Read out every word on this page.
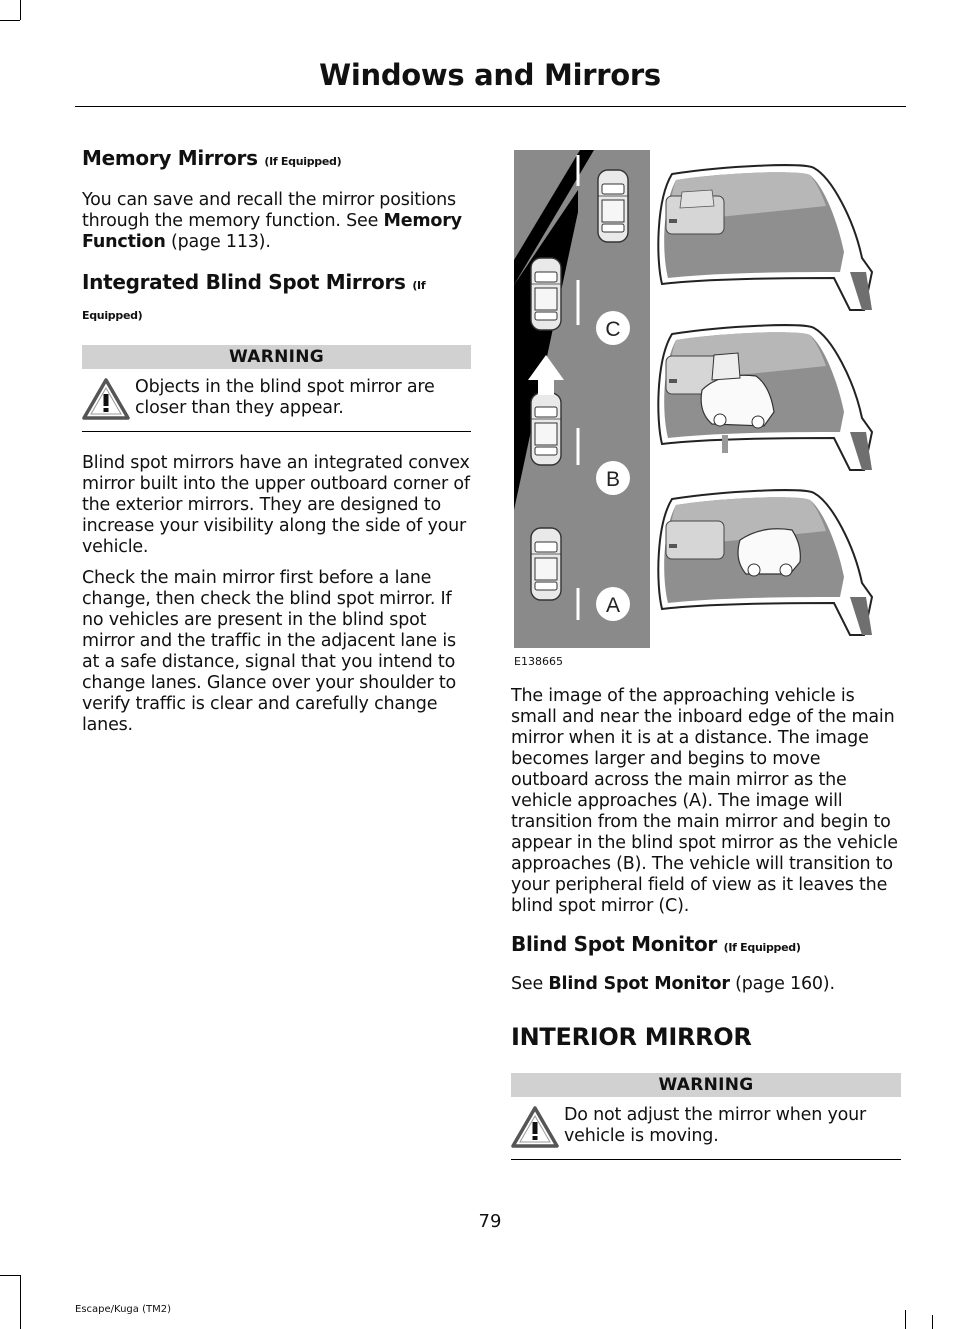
Windows and Mirrors
Memory Mirrors (If Equipped)
You can save and recall the mirror positions through the memory function. See Memory Function (page 113).
Integrated Blind Spot Mirrors (If
Equipped)
WARNING
Objects in the blind spot mirror are closer than they appear.
Blind spot mirrors have an integrated convex mirror built into the upper outboard corner of the exterior mirrors. They are designed to increase your visibility along the side of your vehicle.
Check the main mirror first before a lane change, then check the blind spot mirror. If no vehicles are present in the blind spot mirror and the traffic in the adjacent lane is at a safe distance, signal that you intend to change lanes. Glance over your shoulder to verify traffic is clear and carefully change lanes.
C
B
A
E138665
The image of the approaching vehicle is small and near the inboard edge of the main mirror when it is at a distance. The image becomes larger and begins to move outboard across the main mirror as the vehicle approaches (A). The image will transition from the main mirror and begin to appear in the blind spot mirror as the vehicle approaches (B). The vehicle will transition to your peripheral field of view as it leaves the blind spot mirror (C).
Blind Spot Monitor (If Equipped)
See Blind Spot Monitor (page 160).
INTERIOR MIRROR
WARNING
Do not adjust the mirror when your vehicle is moving.
79
Escape/Kuga (TM2)
